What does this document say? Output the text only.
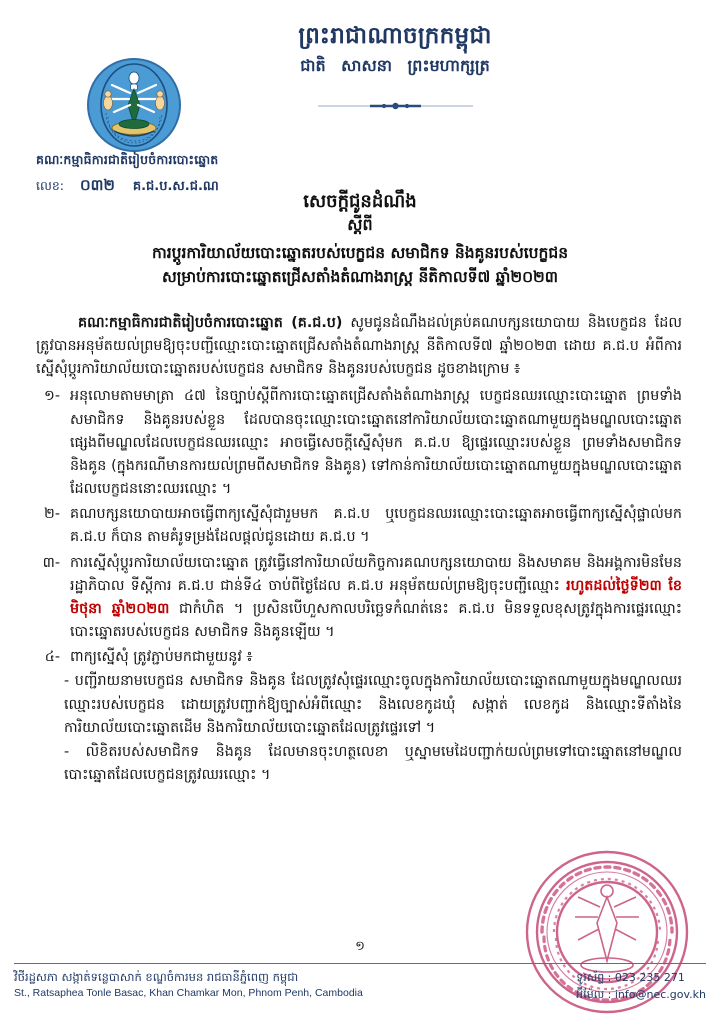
ព្រះរាជាណាចក្រកម្ពុជា
ជាតិ សាសនា ព្រះមហាក្សត្រ
គណៈកម្មាធិការជាតិរៀបចំការបោះឆ្នោត
លេខ: ០៣២ គ.ជ.ប.ស.ជ.ណ
សេចក្តីជូនដំណឹង
ស្តីពី
ការប្ដូរការិយាល័យបោះឆ្នោតរបស់បេក្ខជន សមាជិកទ និងគូនរបស់បេក្ខជន
សម្រាប់ការបោះឆ្នោតជ្រើសតាំងតំណាងរាស្ត្រ នីតិកាលទី៧ ឆ្នាំ២០២៣

គណៈកម្មាធិការជាតិរៀបចំការបោះឆ្នោត (គ.ជ.ប) សូមជូនដំណឹងដល់គ្រប់គណបក្សនយោបាយ និងបេក្ខជន ដែលត្រូវបានអនុម័តយល់ព្រមឱ្យចុះបញ្ជីឈ្មោះបោះឆ្នោតជ្រើសតាំងតំណាងរាស្ត្រ នីតិកាលទី៧ ឆ្នាំ២០២៣ ដោយ គ.ជ.ប អំពីការស្នើសុំប្ដូរការិយាល័យបោះឆ្នោតរបស់បេក្ខជន សមាជិកទ និងគូនរបស់បេក្ខជន ដូចខាងក្រោម ៖

១- អនុលោមតាមមាត្រា ៤៧ នៃច្បាប់ស្តីពីការបោះឆ្នោតជ្រើសតាំងតំណាងរាស្ត្រ បេក្ខជនឈរឈ្មោះបោះឆ្នោត ព្រមទាំងសមាជិកទ និងគូនរបស់ខ្លួន ដែលបានចុះឈ្មោះបោះឆ្នោតនៅការិយាល័យបោះឆ្នោតណាមួយក្នុងមណ្ឌលបោះឆ្នោតផ្សេងពីមណ្ឌលដែលបេក្ខជនឈរឈ្មោះ អាចធ្វើសេចក្តីស្នើសុំមក គ.ជ.ប ឱ្យផ្ទេរឈ្មោះរបស់ខ្លួន ព្រមទាំងសមាជិកទ និងគូន (ក្នុងករណីមានការយល់ព្រមពីសមាជិកទ និងគូន) ទៅកាន់ការិយាល័យបោះឆ្នោតណាមួយក្នុងមណ្ឌលបោះឆ្នោតដែលបេក្ខជននោះឈរឈ្មោះ ។
២- គណបក្សនយោបាយអាចធ្វើពាក្យស្នើសុំជារួមមក គ.ជ.ប ឬបេក្ខជនឈរឈ្មោះបោះឆ្នោតអាចធ្វើពាក្យស្នើសុំផ្ទាល់មក គ.ជ.ប ក៏បាន តាមគំរូទម្រង់ដែលផ្តល់ជូនដោយ គ.ជ.ប ។
៣- ការស្នើសុំប្ដូរការិយាល័យបោះឆ្នោត ត្រូវធ្វើនៅការិយាល័យកិច្ចការគណបក្សនយោបាយ និងសមាគម និងអង្គការមិនមែនរដ្ឋាភិបាល ទីស្តីការ គ.ជ.ប ជាន់ទី៤ ចាប់ពីថ្ងៃដែល គ.ជ.ប អនុម័តយល់ព្រមឱ្យចុះបញ្ជីឈ្មោះ រហូតដល់ថ្ងៃទី២៣ ខែមិថុនា ឆ្នាំ២០២៣ ជាកំហិត ។ ប្រសិនបើហួសកាលបរិច្ឆេទកំណត់នេះ គ.ជ.ប មិនទទួលខុសត្រូវក្នុងការផ្ទេរឈ្មោះបោះឆ្នោតរបស់បេក្ខជន សមាជិកទ និងគូនឡើយ ។
៤- ពាក្យស្នើសុំ ត្រូវភ្ជាប់មកជាមួយនូវ ៖
- បញ្ជីរាយនាមបេក្ខជន សមាជិកទ និងគូន ដែលត្រូវសុំផ្ទេរឈ្មោះចូលក្នុងការិយាល័យបោះឆ្នោតណាមួយក្នុងមណ្ឌលឈរឈ្មោះរបស់បេក្ខជន ដោយត្រូវបញ្ជាក់ឱ្យច្បាស់អំពីឈ្មោះ និងលេខកូដឃុំ សង្កាត់ លេខកូដ និងឈ្មោះទីតាំងនៃការិយាល័យបោះឆ្នោតដើម និងការិយាល័យបោះឆ្នោតដែលត្រូវផ្ទេរទៅ ។
- លិខិតរបស់សមាជិកទ និងគូន ដែលមានចុះហត្ថលេខា ឬស្នាមមេដៃបញ្ជាក់យល់ព្រមទៅបោះឆ្នោតនៅមណ្ឌលបោះឆ្នោតដែលបេក្ខជនត្រូវឈរឈ្មោះ ។
១
វិថីរដ្ឋសភា សង្កាត់ទន្លេបាសាក់ ខណ្ឌចំការមន រាជធានីភ្នំពេញ កម្ពុជា
St., Ratsaphea Tonle Basac, Khan Chamkar Mon, Phnom Penh, Cambodia
ទូរស័ព្ទ : 023 235 271
អ៊ីម៉ែល : info@nec.gov.kh
